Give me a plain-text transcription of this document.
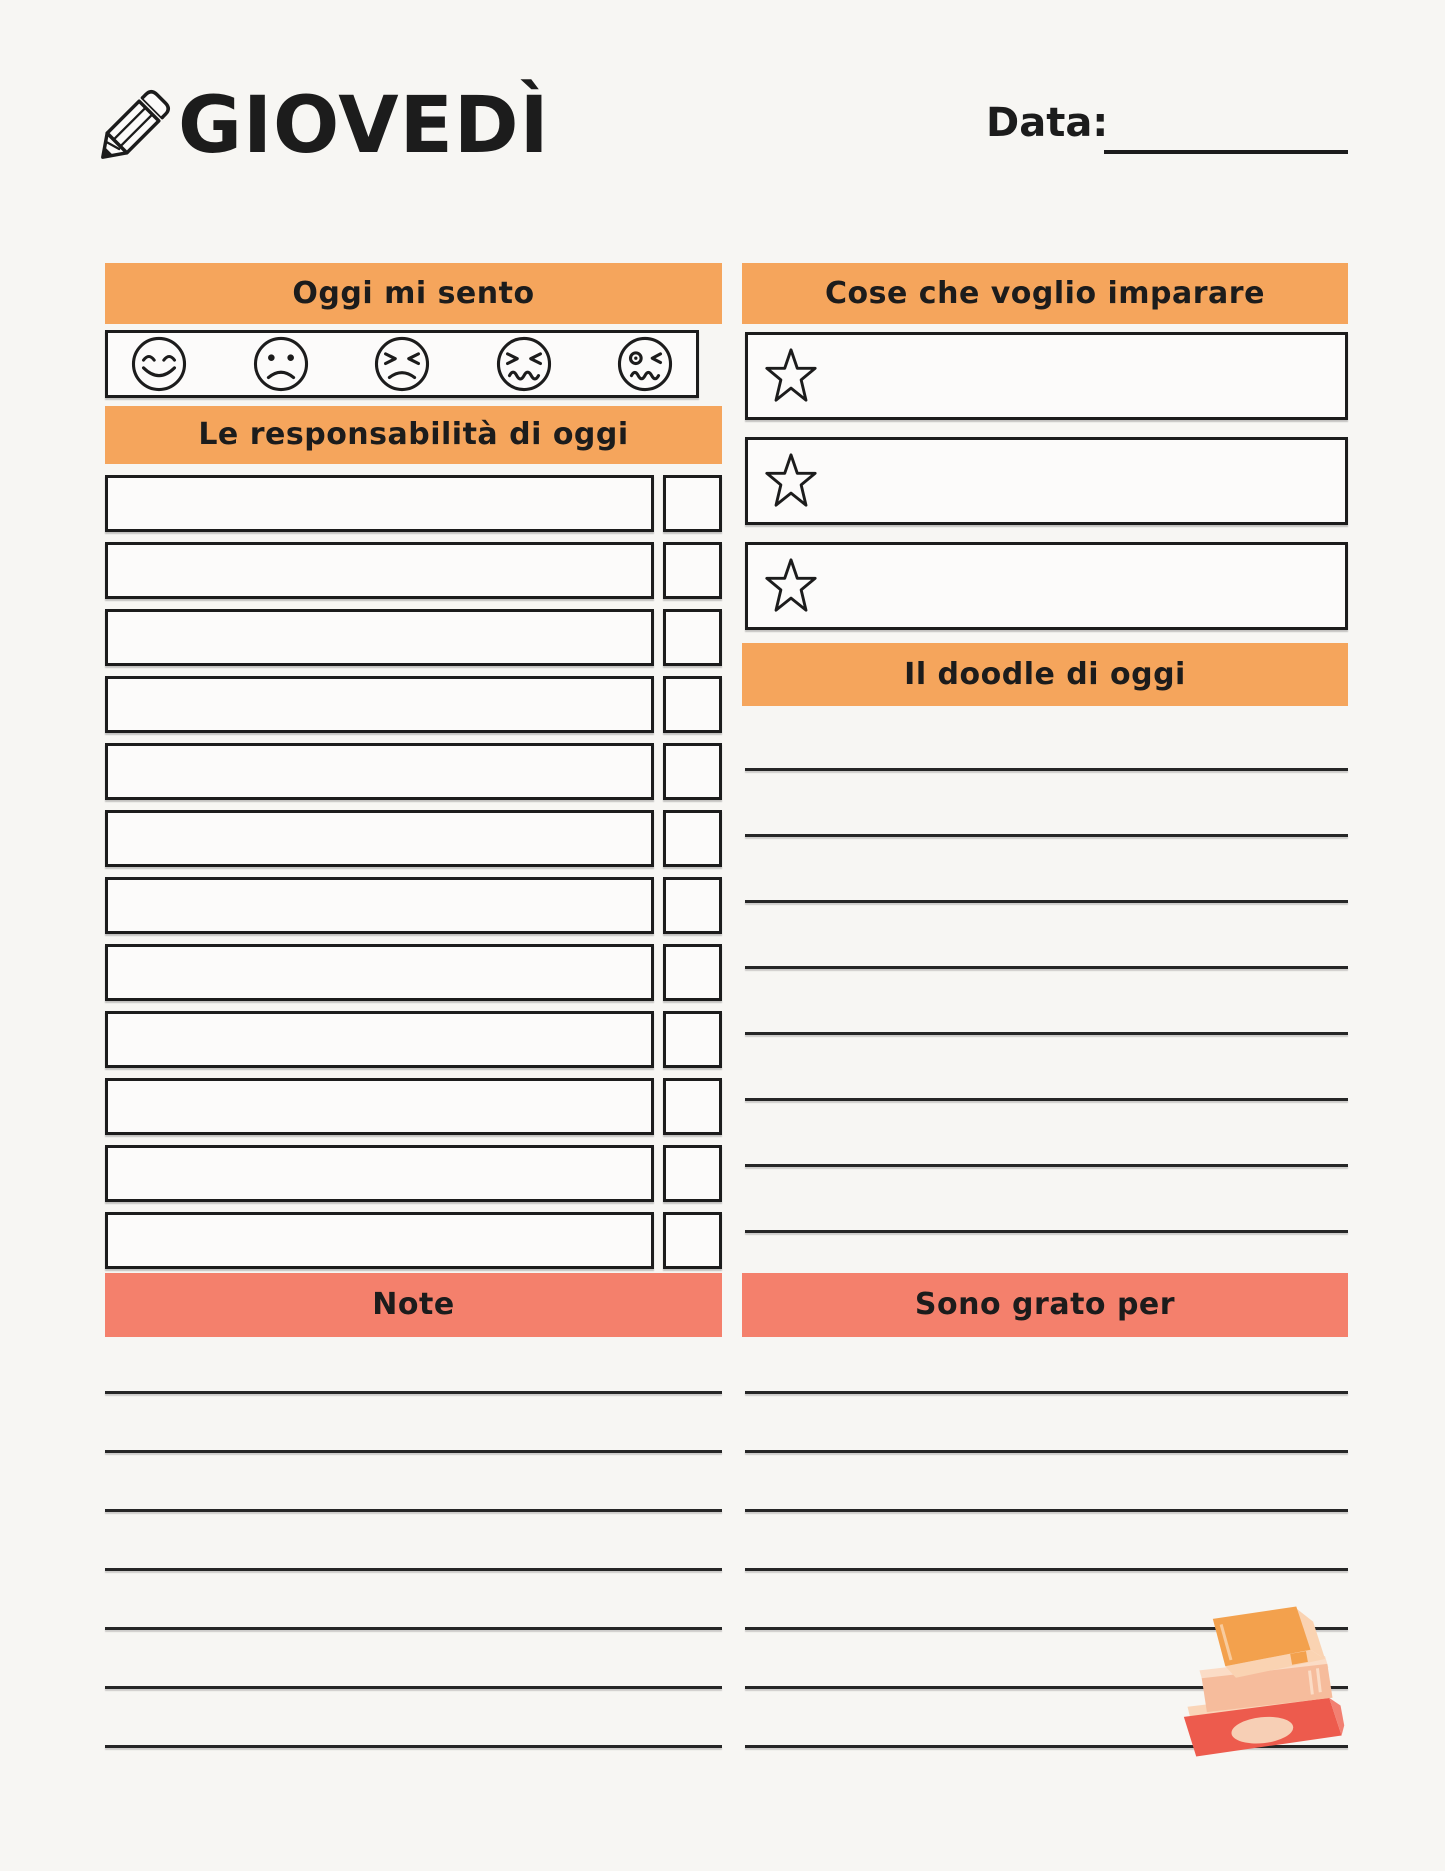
GIOVEDÌ	Data:
Oggi mi sento
Le responsabilità di oggi
Note
Cose che voglio imparare
Il doodle di oggi
Sono grato per
